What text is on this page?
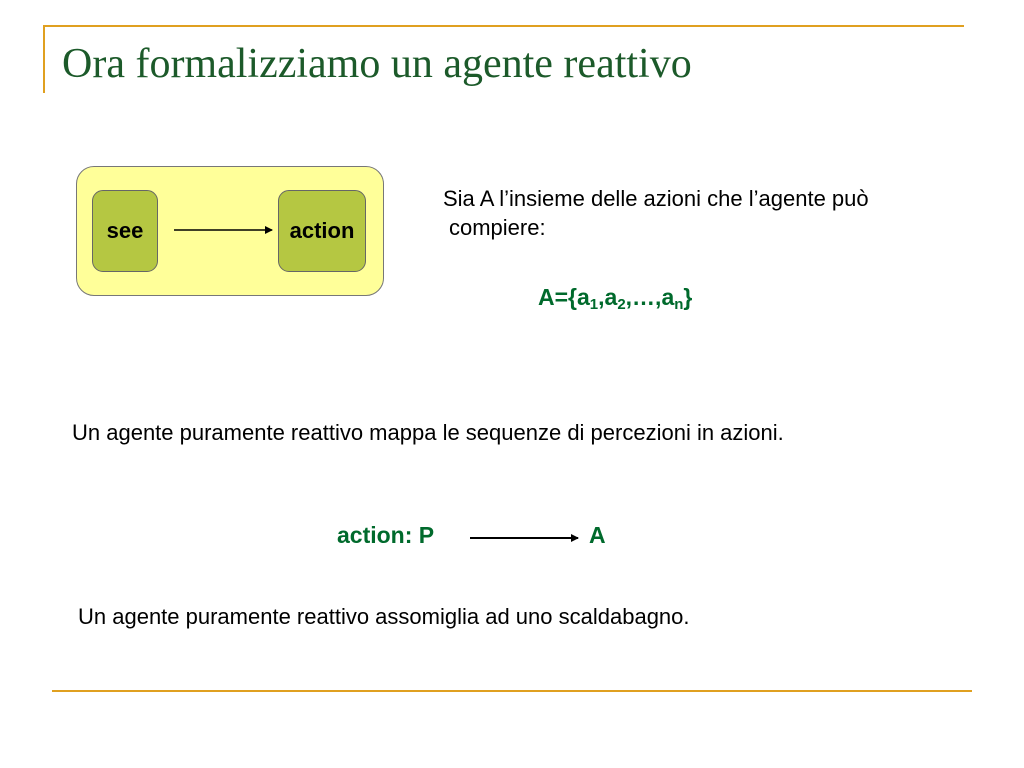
Ora formalizziamo un agente reattivo
see	action

Sia A l’insieme delle azioni che l’agente può

compiere:

$A=\{a_1,a_2,\dots,a_n\}$

Un agente puramente reattivo mappa le sequenze di percezioni in azioni.

action: P	A

Un agente puramente reattivo assomiglia ad uno scaldabagno.
